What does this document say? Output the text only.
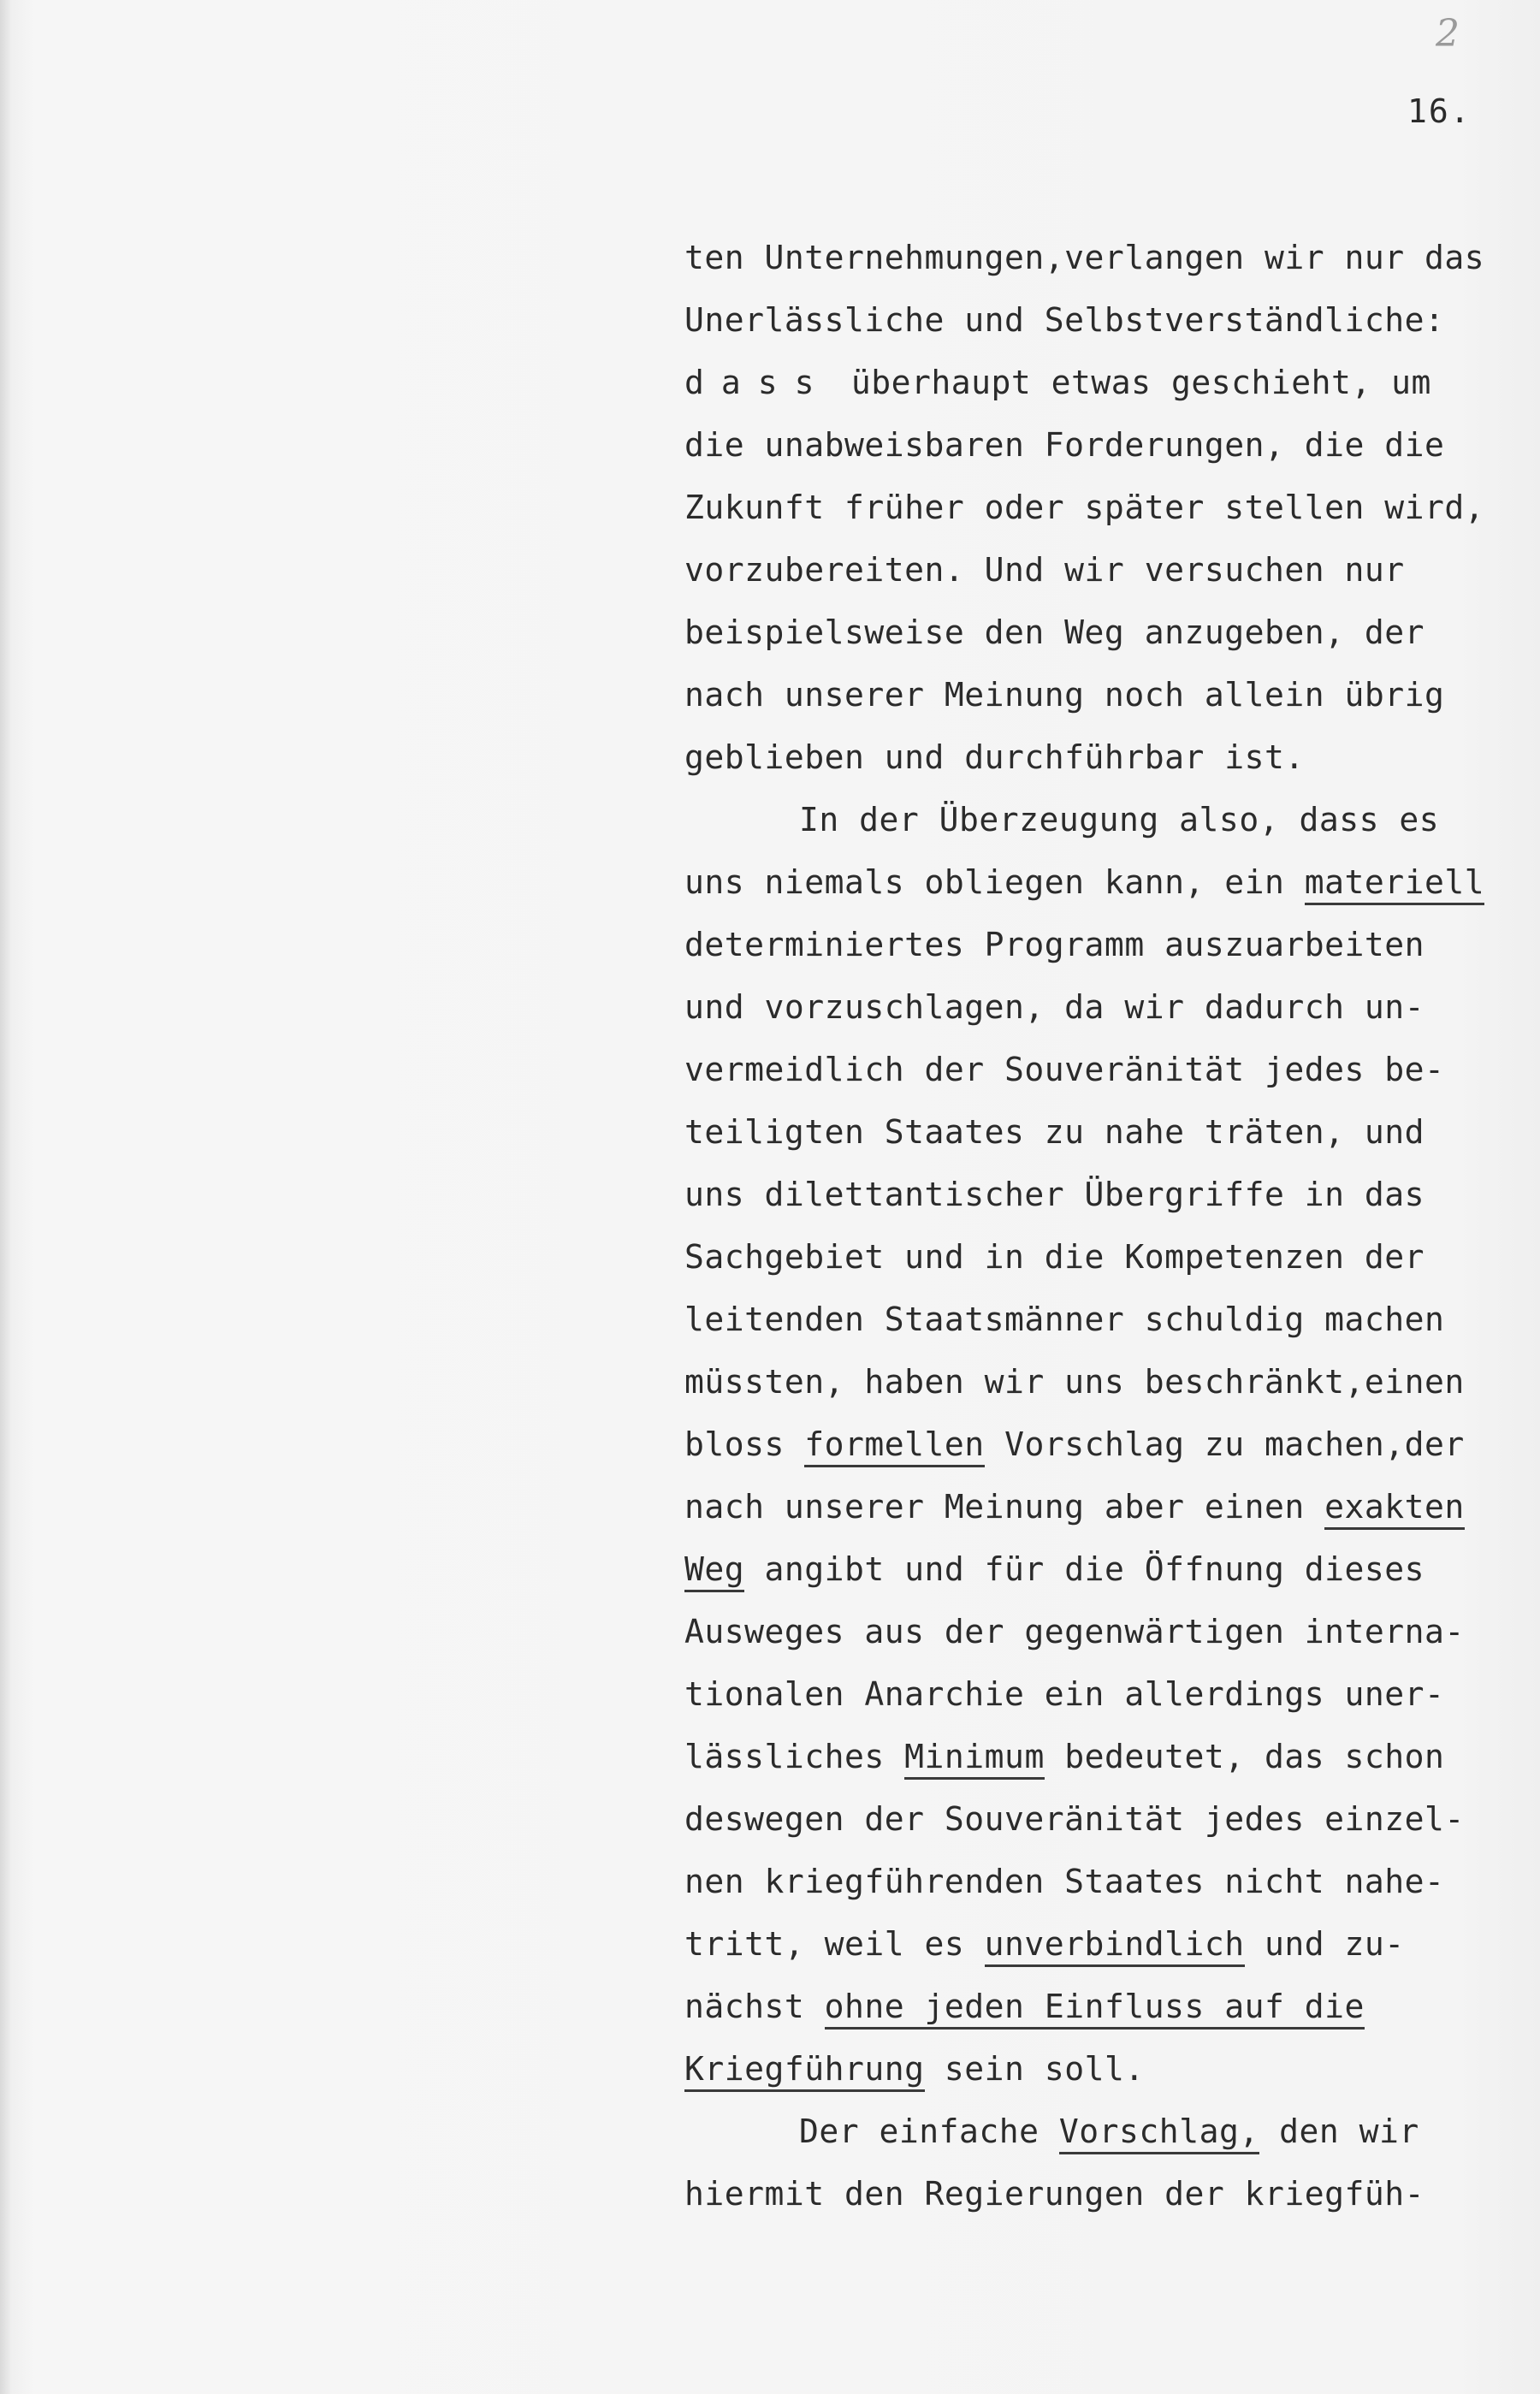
2
16.
ten Unternehmungen,verlangen wir nur das
Unerlässliche und Selbstverständliche:
dass überhaupt etwas geschieht, um
die unabweisbaren Forderungen, die die
Zukunft früher oder später stellen wird,
vorzubereiten. Und wir versuchen nur
beispielsweise den Weg anzugeben, der
nach unserer Meinung noch allein übrig
geblieben und durchführbar ist.
In der Überzeugung also, dass es
uns niemals obliegen kann, ein materiell
determiniertes Programm auszuarbeiten
und vorzuschlagen, da wir dadurch un-
vermeidlich der Souveränität jedes be-
teiligten Staates zu nahe träten, und
uns dilettantischer Übergriffe in das
Sachgebiet und in die Kompetenzen der
leitenden Staatsmänner schuldig machen
müssten, haben wir uns beschränkt,einen
bloss formellen Vorschlag zu machen,der
nach unserer Meinung aber einen exakten
Weg angibt und für die Öffnung dieses
Ausweges aus der gegenwärtigen interna-
tionalen Anarchie ein allerdings uner-
lässliches Minimum bedeutet, das schon
deswegen der Souveränität jedes einzel-
nen kriegführenden Staates nicht nahe-
tritt, weil es unverbindlich und zu-
nächst ohne jeden Einfluss auf die
Kriegführung sein soll.
Der einfache Vorschlag, den wir
hiermit den Regierungen der kriegfüh-
